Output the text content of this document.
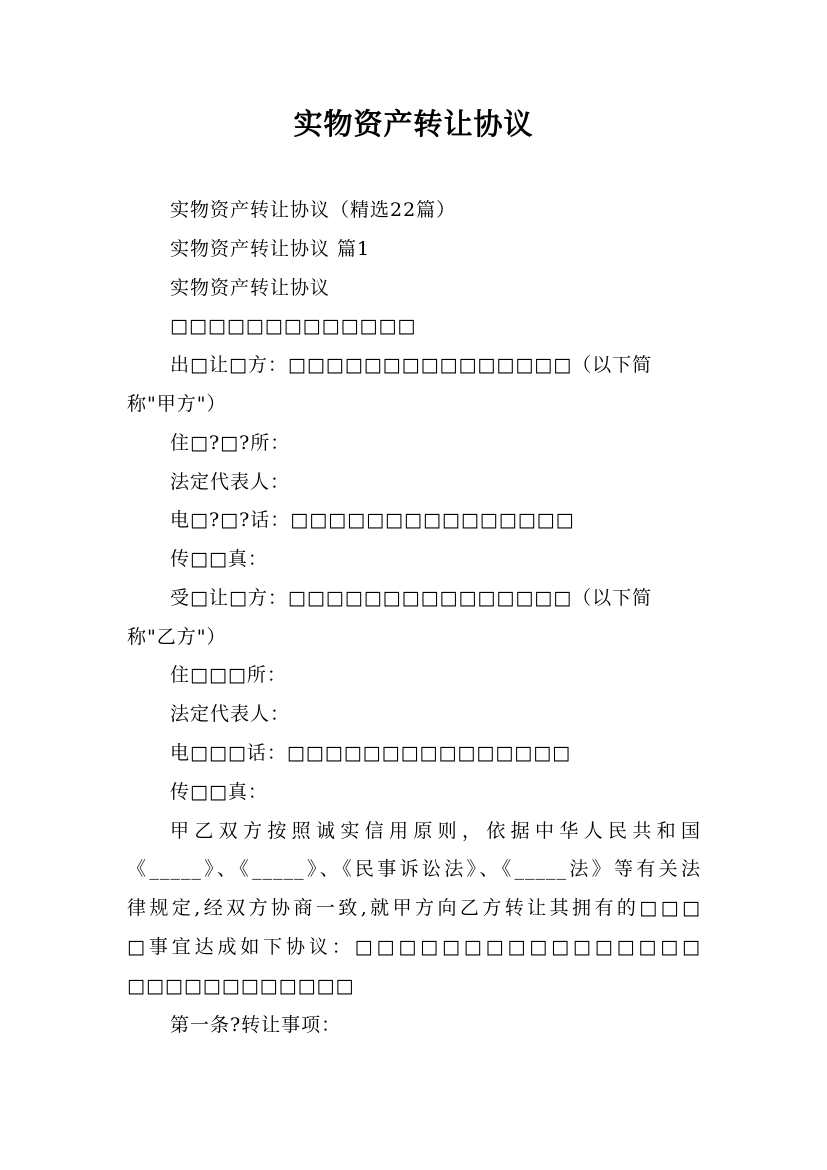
实物资产转让协议
实物资产转让协议（精选22篇）
实物资产转让协议 篇1
实物资产转让协议
□□□□□□□□□□□□□
出□让□方：□□□□□□□□□□□□□□□（以下简
称"甲方"）
住□?□?所：
法定代表人：
电□?□?话：□□□□□□□□□□□□□□□
传□□真：
受□让□方：□□□□□□□□□□□□□□□（以下简
称"乙方"）
住□□□所：
法定代表人：
电□□□话：□□□□□□□□□□□□□□□
传□□真：
甲乙双方按照诚实信用原则，依据中华人民共和国
《_____》、《_____》、《民事诉讼法》、《_____法》等有关法
律规定,经双方协商一致,就甲方向乙方转让其拥有的□□□
□事宜达成如下协议：□□□□□□□□□□□□□□□□
□□□□□□□□□□□□
第一条?转让事项：
